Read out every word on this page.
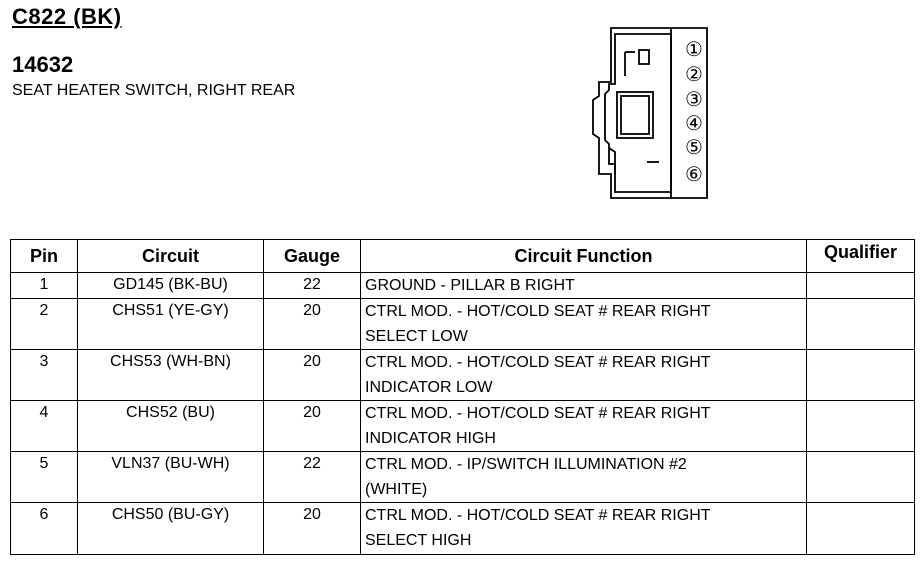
C822 (BK)
14632
SEAT HEATER SWITCH, RIGHT REAR
①
②
③
④
⑤
⑥
Pin	Circuit	Gauge	Circuit Function	Qualifier
1	GD145 (BK-BU)	22	GROUND - PILLAR B RIGHT	
2	CHS51 (YE-GY)	20	CTRL MOD. - HOT/COLD SEAT # REAR RIGHT
SELECT LOW	
3	CHS53 (WH-BN)	20	CTRL MOD. - HOT/COLD SEAT # REAR RIGHT
INDICATOR LOW	
4	CHS52 (BU)	20	CTRL MOD. - HOT/COLD SEAT # REAR RIGHT
INDICATOR HIGH	
5	VLN37 (BU-WH)	22	CTRL MOD. - IP/SWITCH ILLUMINATION #2
(WHITE)	
6	CHS50 (BU-GY)	20	CTRL MOD. - HOT/COLD SEAT # REAR RIGHT
SELECT HIGH	
